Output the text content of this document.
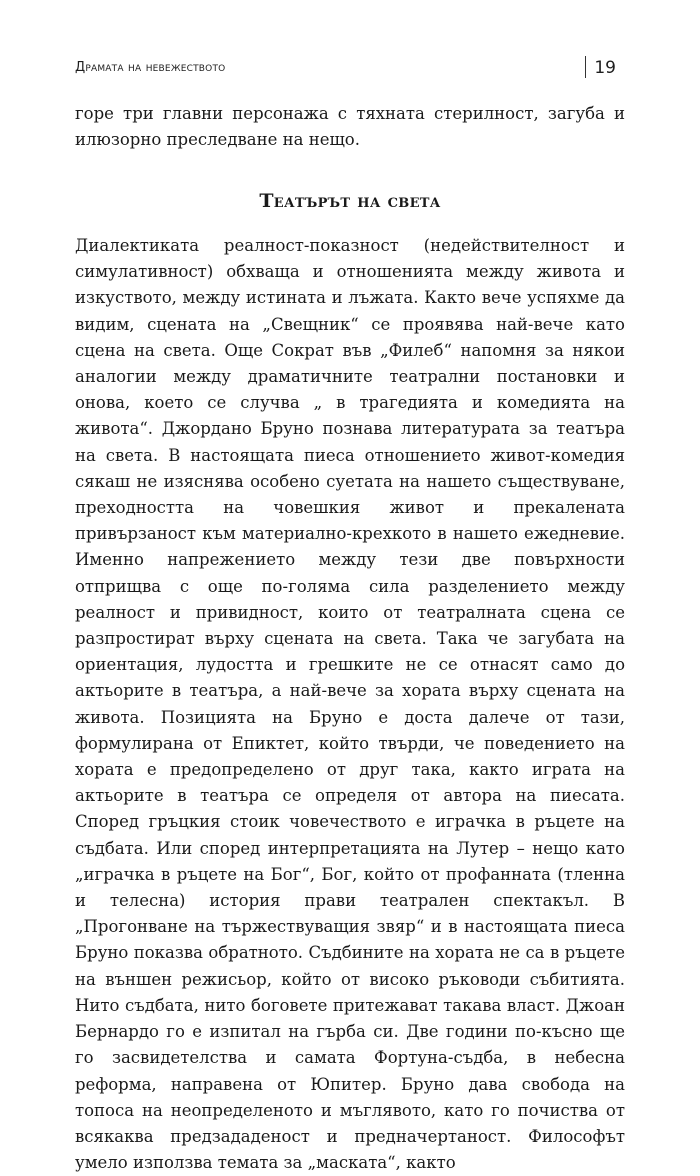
Драмата на невежеството	19

горе три главни персонажа с тяхната стерилност, загуба и илюзорно преследване на нещо.

Театърът на света

Диалектиката реалност-показност (недействителност и симулативност) обхваща и отношенията между живота и изкуството, между истината и лъжата. Както вече успяхме да видим, сцената на „Свещник“ се проявява най-вече като сцена на света. Още Сократ във „Филеб“ напомня за някои аналогии между драматичните театрални постановки и онова, което се случва „ в трагедията и комедията на живота“. Джордано Бруно познава литературата за театъра на света. В настоящата пиеса отношението живот-комедия сякаш не изяснява особено суетата на нашето съществуване, преходността на човешкия живот и прекалената привързаност към материално-крехкото в нашето ежедневие. Именно напрежението между тези две повърхности отприщва с още по-голяма сила разделението между реалност и привидност, които от театралната сцена се разпростират върху сцената на света. Така че загубата на ориентация, лудостта и грешките не се отнасят само до актьорите в театъра, а най-вече за хората върху сцената на живота. Позицията на Бруно е доста далече от тази, формулирана от Епиктет, който твърди, че поведението на хората е предопределено от друг така, както играта на актьорите в театъра се определя от автора на пиесата. Според гръцкия стоик човечеството е играчка в ръцете на съдбата. Или според интерпретацията на Лутер – нещо като „играчка в ръцете на Бог“, Бог, който от профанната (тленна и телесна) история прави театрален спектакъл. В „Прогонване на тържествуващия звяр“ и в настоящата пиеса Бруно показва обратното. Съдбините на хората не са в ръцете на външен режисьор, който от високо ръководи събитията. Нито съдбата, нито боговете притежават такава власт. Джоан Бернардо го е изпитал на гърба си. Две години по-късно ще го засвидетелства и самата Фортуна-съдба, в небесна реформа, направена от Юпитер. Бруно дава свобода на топоса на неопределеното и мъглявото, като го почиства от всякаква предзададеност и предначертаност. Философът умело използва темата за „маската“, както
